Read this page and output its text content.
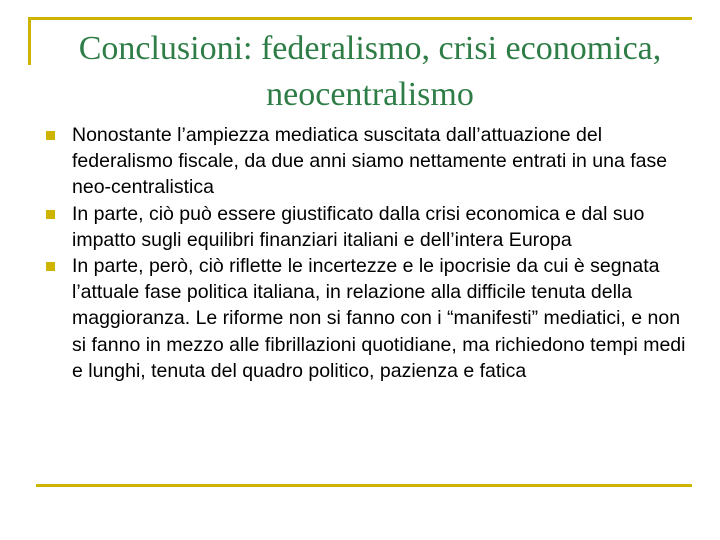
Conclusioni: federalismo, crisi economica, neocentralismo
Nonostante l’ampiezza mediatica suscitata dall’attuazione del federalismo fiscale, da due anni siamo nettamente entrati in una fase neo-centralistica
In parte, ciò può essere giustificato dalla crisi economica e dal suo impatto sugli equilibri finanziari italiani e dell’intera Europa
In parte, però, ciò riflette le incertezze e le ipocrisie da cui è segnata l’attuale fase politica italiana, in relazione alla difficile tenuta della maggioranza. Le riforme non si fanno con i “manifesti” mediatici, e non si fanno in mezzo alle fibrillazioni quotidiane, ma richiedono tempi medi e lunghi, tenuta del quadro politico, pazienza e fatica
